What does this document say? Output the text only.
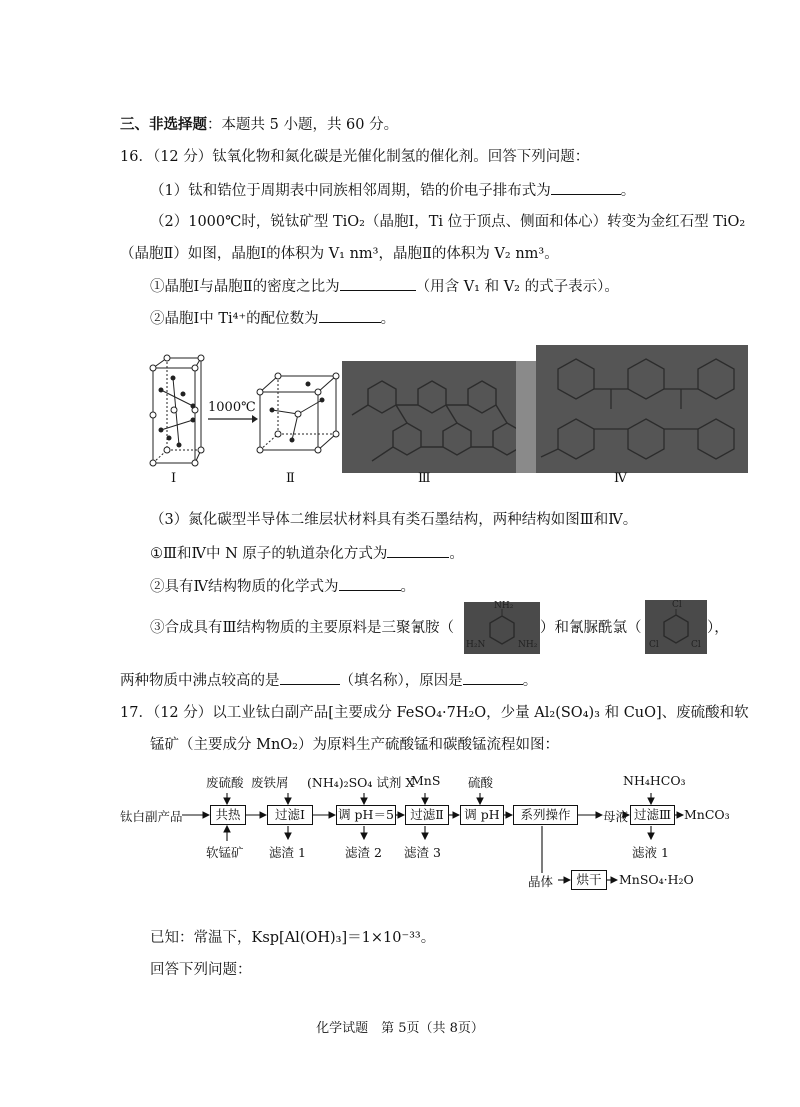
三、非选择题：本题共 5 小题，共 60 分。
16．（12 分）钛氧化物和氮化碳是光催化制氢的催化剂。回答下列问题：
（1）钛和锆位于周期表中同族相邻周期，锆的价电子排布式为	。
（2）1000℃时，锐钛矿型 TiO₂（晶胞Ⅰ，Ti 位于顶点、侧面和体心）转变为金红石型 TiO₂
（晶胞Ⅱ）如图，晶胞Ⅰ的体积为 V₁ nm³，晶胞Ⅱ的体积为 V₂ nm³。
①晶胞Ⅰ与晶胞Ⅱ的密度之比为	（用含 V₁ 和 V₂ 的式子表示）。
②晶胞Ⅰ中 Ti⁴⁺的配位数为	。
1000℃
Ⅰ	Ⅱ	Ⅲ	Ⅳ
（3）氮化碳型半导体二维层状材料具有类石墨结构，两种结构如图Ⅲ和Ⅳ。
①Ⅲ和Ⅳ中 N 原子的轨道杂化方式为	。
②具有Ⅳ结构物质的化学式为	。
③合成具有Ⅲ结构物质的主要原料是三聚氰胺（
NH₂
H₂N	NH₂
）和氰脲酰氯（
Cl
Cl	Cl
），
两种物质中沸点较高的是	（填名称），原因是	。
17．（12 分）以工业钛白副产品[主要成分 FeSO₄·7H₂O，少量 Al₂(SO₄)₃ 和 CuO]、废硫酸和软
锰矿（主要成分 MnO₂）为原料生产硫酸锰和碳酸锰流程如图：
钛白副产品
废硫酸 废铁屑 (NH₄)₂SO₄ 试剂 X
MnS 硫酸	NH₄HCO₃
共热	过滤Ⅰ	调 pH＝5	过滤Ⅱ	调 pH	系列操作	母液 过滤Ⅲ	MnCO₃
软锰矿 滤渣 1	滤渣 2 滤渣 3	滤液 1
晶体	烘干	MnSO₄·H₂O
已知：常温下，Ksp[Al(OH)₃]＝1×10⁻³³。
回答下列问题：
化学试题　第 5页（共 8页）
